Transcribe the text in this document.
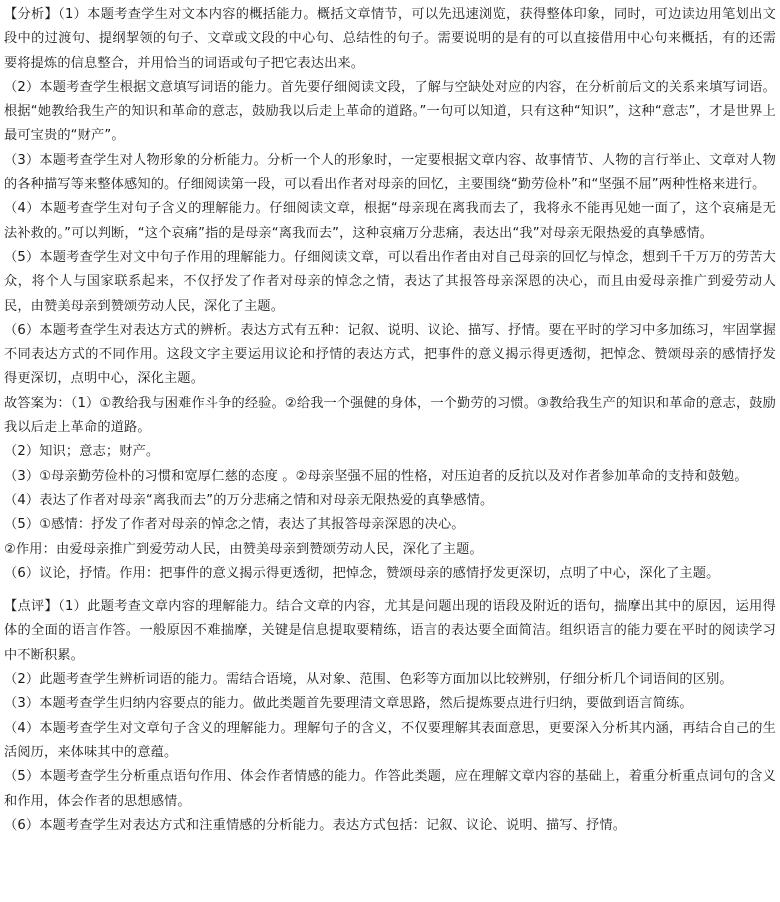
【分析】（1）本题考查学生对文本内容的概括能力。概括文章情节，可以先迅速浏览，获得整体印象，同时，可边读边用笔划出文段中的过渡句、提纲挈领的句子、文章或文段的中心句、总结性的句子。需要说明的是有的可以直接借用中心句来概括，有的还需要将提炼的信息整合，并用恰当的词语或句子把它表达出来。

（2）本题考查学生根据文意填写词语的能力。首先要仔细阅读文段，了解与空缺处对应的内容，在分析前后文的关系来填写词语。根据“她教给我生产的知识和革命的意志，鼓励我以后走上革命的道路。”一句可以知道，只有这种“知识”，这种“意志”，才是世界上最可宝贵的“财产”。

（3）本题考查学生对人物形象的分析能力。分析一个人的形象时，一定要根据文章内容、故事情节、人物的言行举止、文章对人物的各种描写等来整体感知的。仔细阅读第一段，可以看出作者对母亲的回忆，主要围绕“勤劳俭朴”和“坚强不屈”两种性格来进行。

（4）本题考查学生对句子含义的理解能力。仔细阅读文章，根据“母亲现在离我而去了，我将永不能再见她一面了，这个哀痛是无法补救的。”可以判断，“这个哀痛”指的是母亲“离我而去”，这种哀痛万分悲痛，表达出“我”对母亲无限热爱的真挚感情。

（5）本题考查学生对文中句子作用的理解能力。仔细阅读文章，可以看出作者由对自己母亲的回忆与悼念，想到千千万万的劳苦大众，将个人与国家联系起来，不仅抒发了作者对母亲的悼念之情，表达了其报答母亲深恩的决心，而且由爱母亲推广到爱劳动人民，由赞美母亲到赞颂劳动人民，深化了主题。

（6）本题考查学生对表达方式的辨析。表达方式有五种：记叙、说明、议论、描写、抒情。要在平时的学习中多加练习，牢固掌握不同表达方式的不同作用。这段文字主要运用议论和抒情的表达方式，把事件的意义揭示得更透彻，把悼念、赞颂母亲的感情抒发得更深切，点明中心，深化主题。

故答案为：（1）①教给我与困难作斗争的经验。②给我一个强健的身体，一个勤劳的习惯。③教给我生产的知识和革命的意志，鼓励我以后走上革命的道路。

（2）知识；意志；财产。

（3）①母亲勤劳俭朴的习惯和宽厚仁慈的态度 。②母亲坚强不屈的性格，对压迫者的反抗以及对作者参加革命的支持和鼓勉。

（4）表达了作者对母亲“离我而去”的万分悲痛之情和对母亲无限热爱的真挚感情。

（5）①感情：抒发了作者对母亲的悼念之情，表达了其报答母亲深恩的决心。

②作用：由爱母亲推广到爱劳动人民，由赞美母亲到赞颂劳动人民，深化了主题。

（6）议论，抒情。作用：把事件的意义揭示得更透彻，把悼念，赞颂母亲的感情抒发更深切，点明了中心，深化了主题。

【点评】（1）此题考查文章内容的理解能力。结合文章的内容，尤其是问题出现的语段及附近的语句，揣摩出其中的原因，运用得体的全面的语言作答。一般原因不难揣摩，关键是信息提取要精练，语言的表达要全面简洁。组织语言的能力要在平时的阅读学习中不断积累。

（2）此题考查学生辨析词语的能力。需结合语境，从对象、范围、色彩等方面加以比较辨别，仔细分析几个词语间的区别。

（3）本题考查学生归纳内容要点的能力。做此类题首先要理清文章思路，然后提炼要点进行归纳，要做到语言简练。

（4）本题考查学生对文章句子含义的理解能力。理解句子的含义，不仅要理解其表面意思，更要深入分析其内涵，再结合自己的生活阅历，来体味其中的意蕴。

（5）本题考查学生分析重点语句作用、体会作者情感的能力。作答此类题，应在理解文章内容的基础上，着重分析重点词句的含义和作用，体会作者的思想感情。

（6）本题考查学生对表达方式和注重情感的分析能力。表达方式包括：记叙、议论、说明、描写、抒情。
